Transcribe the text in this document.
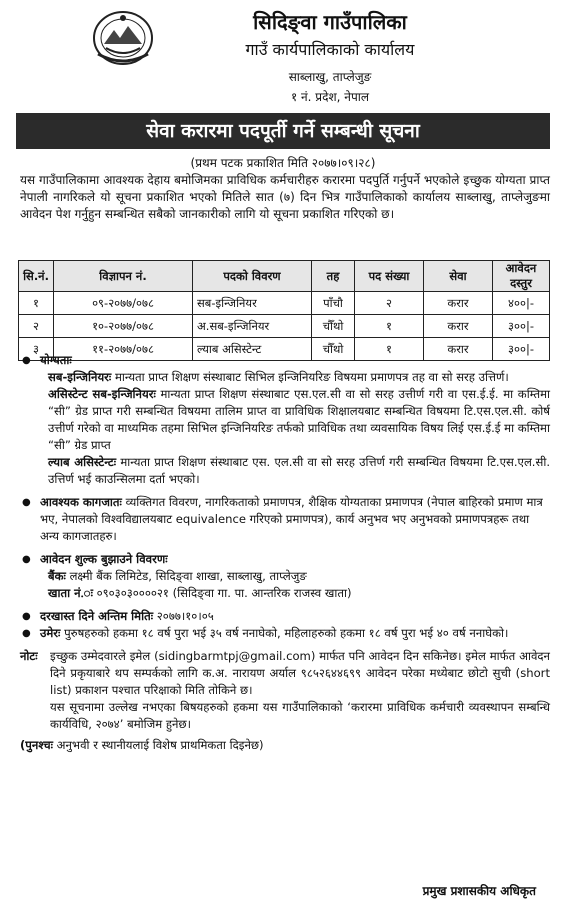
सिदिङ्वा गाउँपालिका
गाउँ कार्यपालिकाको कार्यालय
साब्लाखु, ताप्लेजुङ
१ नं. प्रदेश, नेपाल
सेवा करारमा पदपूर्ती गर्ने सम्बन्धी सूचना
(प्रथम पटक प्रकाशित मिति २०७७।०९।२८)
यस गाउँपालिकामा आवश्यक देहाय बमोजिमका प्राविधिक कर्मचारीहरु करारमा पदपुर्ति गर्नुपर्ने भएकोले इच्छुक योग्यता प्राप्त नेपाली नागरिकले यो सूचना प्रकाशित भएको मितिले सात (७) दिन भित्र गाउँपालिकाको कार्यालय साब्लाखु, ताप्लेजुङमा आवेदन पेश गर्नुहुन सम्बन्धित सबैको जानकारीको लागि यो सूचना प्रकाशित गरिएको छ।
सि.नं.	विज्ञापन नं.	पदको विवरण	तह	पद संख्या	सेवा	आवेदन दस्तुर
१	०९-२०७७/०७८	सब-इन्जिनियर	पाँचौ	२	करार	४००|-
२	१०-२०७७/०७८	अ.सब-इन्जिनियर	चौँथो	१	करार	३००|-
३	११-२०७७/०७८	ल्याब असिस्टेन्ट	चौँथो	१	करार	३००|-
● योग्यताः
सब-इन्जिनियरः मान्यता प्राप्त शिक्षण संस्थाबाट सिभिल इन्जिनियरिङ विषयमा प्रमाणपत्र तह वा सो सरह उत्तिर्ण।
असिस्टेन्ट सब-इन्जिनियरः मान्यता प्राप्त शिक्षण संस्थाबाट एस.एल.सी वा सो सरह उत्तीर्ण गरी वा एस.ई.ई. मा कम्तिमा “सी” ग्रेड प्राप्त गरी सम्बन्धित विषयमा तालिम प्राप्त वा प्राविधिक शिक्षालयबाट सम्बन्धित विषयमा टि.एस.एल.सी. कोर्ष उत्तीर्ण गरेको वा माध्यमिक तहमा सिभिल इन्जिनियरिङ तर्फको प्राविधिक तथा व्यवसायिक विषय लिई एस.ई.ई मा कम्तिमा “सी” ग्रेड प्राप्त
ल्याब असिस्टेन्टः मान्यता प्राप्त शिक्षण संस्थाबाट एस. एल.सी वा सो सरह उत्तिर्ण गरी सम्बन्धित विषयमा टि.एस.एल.सी. उत्तिर्ण भई काउन्सिलमा दर्ता भएको।
● आवश्यक कागजातः व्यक्तिगत विवरण, नागरिकताको प्रमाणपत्र, शैक्षिक योग्यताका प्रमाणपत्र (नेपाल बाहिरको प्रमाण मात्र भए, नेपालको विश्वविद्यालयबाट equivalence गरिएको प्रमाणपत्र), कार्य अनुभव भए अनुभवको प्रमाणपत्रहरू तथा अन्य कागजातहरु।
● आवेदन शुल्क बुझाउने विवरणः
बैंकः लक्ष्मी बैंक लिमिटेड, सिदिङ्वा शाखा, साब्लाखु, ताप्लेजुङ
खाता नं.ः ०९०३०३००००२१ (सिदिङ्वा गा. पा. आन्तरिक राजस्व खाता)
● दरखास्त दिने अन्तिम मितिः २०७७।१०।०५
● उमेरः पुरुषहरुको हकमा १८ वर्ष पुरा भई ३५ वर्ष ननाघेको, महिलाहरुको हकमा १८ वर्ष पुरा भई ४० वर्ष ननाघेको।
नोटः इच्छुक उम्मेदवारले इमेल (sidingbarmtpj@gmail.com) मार्फत पनि आवेदन दिन सकिनेछ। इमेल मार्फत आवेदन दिने प्रकृयाबारे थप सम्पर्कको लागि क.अ. नारायण अर्याल ९८५२६४४६९९ आवेदन परेका मध्येबाट छोटो सुची (short list) प्रकाशन पश्चात परिक्षाको मिति तोकिने छ।
यस सूचनामा उल्लेख नभएका बिषयहरुको हकमा यस गाउँपालिकाको ‘करारमा प्राविधिक कर्मचारी व्यवस्थापन सम्बन्धि कार्यविधि, २०७४’ बमोजिम हुनेछ।
(पुनश्चः अनुभवी र स्थानीयलाई विशेष प्राथमिकता दिइनेछ)
प्रमुख प्रशासकीय अधिकृत
